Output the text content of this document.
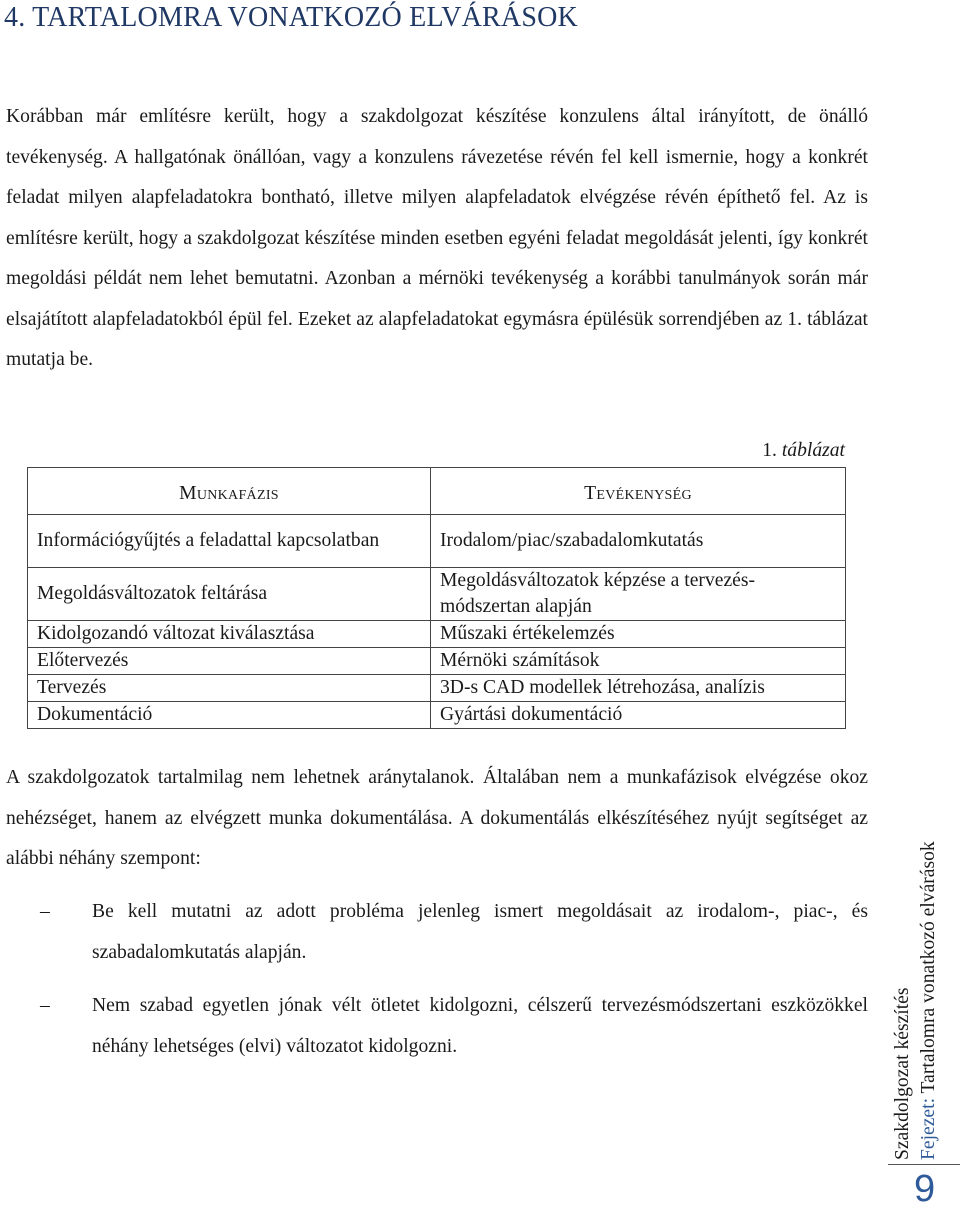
4. TARTALOMRA VONATKOZÓ ELVÁRÁSOK

Korábban már említésre került, hogy a szakdolgozat készítése konzulens által irányított, de önálló tevékenység. A hallgatónak önállóan, vagy a konzulens rávezetése révén fel kell ismernie, hogy a konkrét feladat milyen alapfeladatokra bontható, illetve milyen alapfeladatok elvégzése révén építhető fel. Az is említésre került, hogy a szakdolgozat készítése minden esetben egyéni feladat megoldását jelenti, így konkrét megoldási példát nem lehet bemutatni. Azonban a mérnöki tevékenység a korábbi tanulmányok során már elsajátított alapfeladatokból épül fel. Ezeket az alapfeladatokat egymásra épülésük sorrendjében az 1. táblázat mutatja be.

1. táblázat
Munkafázis	Tevékenység
Információgyűjtés a feladattal kapcsolatban	Irodalom/piac/szabadalomkutatás
Megoldásváltozatok feltárása	Megoldásváltozatok képzése a tervezésmódszertan alapján
Kidolgozandó változat kiválasztása	Műszaki értékelemzés
Előtervezés	Mérnöki számítások
Tervezés	3D-s CAD modellek létrehozása, analízis
Dokumentáció	Gyártási dokumentáció

A szakdolgozatok tartalmilag nem lehetnek aránytalanok. Általában nem a munkafázisok elvégzése okoz nehézséget, hanem az elvégzett munka dokumentálása. A dokumentálás elkészítéséhez nyújt segítséget az alábbi néhány szempont:

–	Be kell mutatni az adott probléma jelenleg ismert megoldásait az irodalom-, piac-, és szabadalomkutatás alapján.
–	Nem szabad egyetlen jónak vélt ötletet kidolgozni, célszerű tervezésmódszertani eszközökkel néhány lehetséges (elvi) változatot kidolgozni.	Szakdolgozat készítés Fejezet: Tartalomra vonatkozó elvárások
9
